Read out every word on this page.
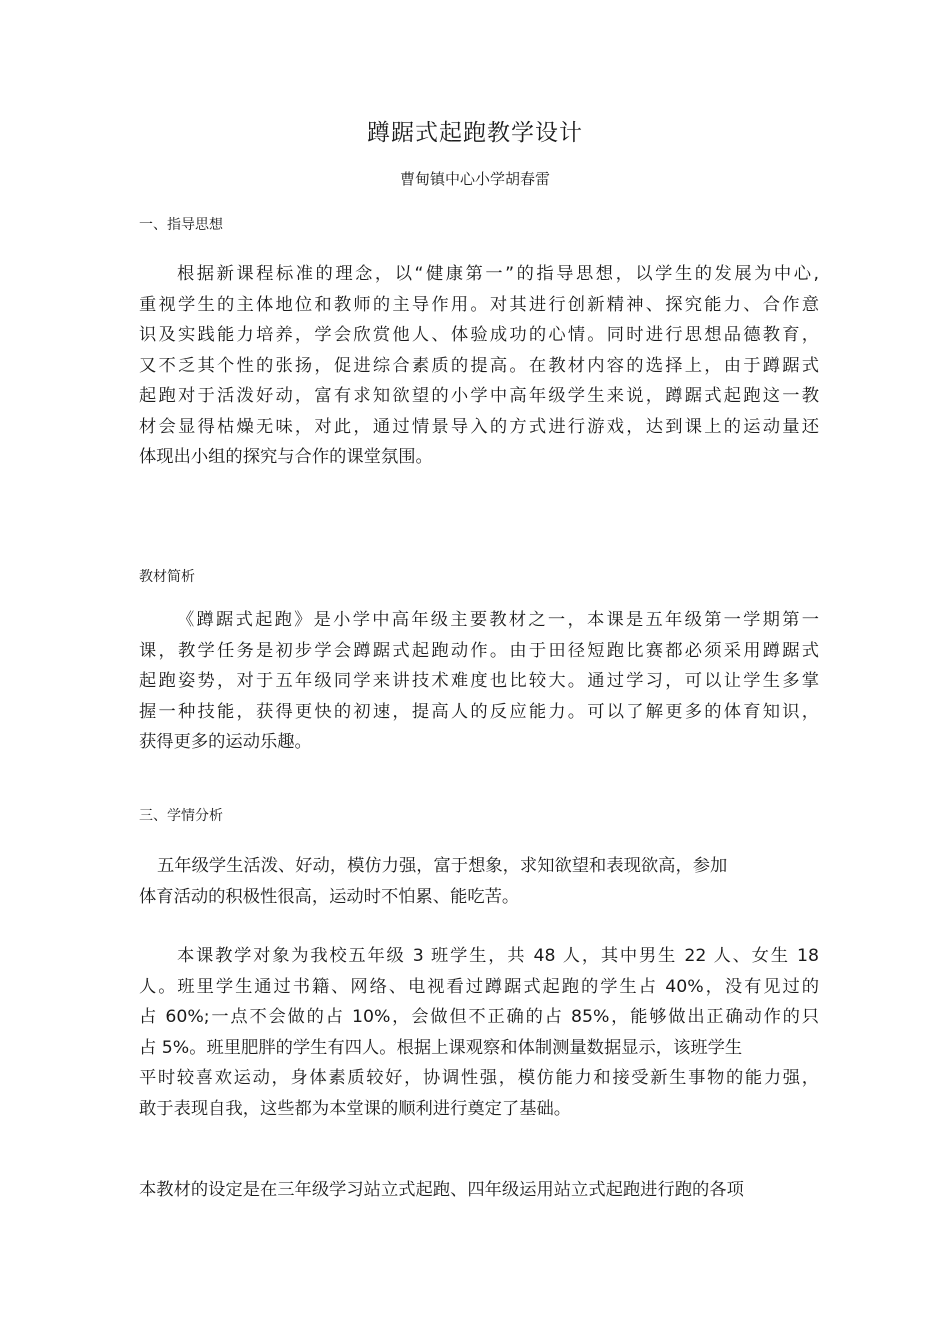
蹲踞式起跑教学设计
曹甸镇中心小学胡春雷
一、指导思想
根据新课程标准的理念，以“健康第一”的指导思想，以学生的发展为中心,
重视学生的主体地位和教师的主导作用。对其进行创新精神、探究能力、合作意
识及实践能力培养，学会欣赏他人、体验成功的心情。同时进行思想品德教育，
又不乏其个性的张扬，促进综合素质的提高。在教材内容的选择上，由于蹲踞式
起跑对于活泼好动，富有求知欲望的小学中高年级学生来说，蹲踞式起跑这一教
材会显得枯燥无味，对此，通过情景导入的方式进行游戏，达到课上的运动量还
体现出小组的探究与合作的课堂氛围。
教材简析
《蹲踞式起跑》是小学中高年级主要教材之一，本课是五年级第一学期第一
课，教学任务是初步学会蹲踞式起跑动作。由于田径短跑比赛都必须采用蹲踞式
起跑姿势，对于五年级同学来讲技术难度也比较大。通过学习，可以让学生多掌
握一种技能，获得更快的初速，提高人的反应能力。可以了解更多的体育知识，
获得更多的运动乐趣。
三、学情分析
五年级学生活泼、好动，模仿力强，富于想象，求知欲望和表现欲高，参加
体育活动的积极性很高，运动时不怕累、能吃苦。
本课教学对象为我校五年级 3 班学生，共 48 人，其中男生 22 人、女生 18
人。班里学生通过书籍、网络、电视看过蹲踞式起跑的学生占 40%，没有见过的
占 60%;一点不会做的占 10%，会做但不正确的占 85%，能够做出正确动作的只
占 5%。班里肥胖的学生有四人。根据上课观察和体制测量数据显示，该班学生
平时较喜欢运动，身体素质较好，协调性强，模仿能力和接受新生事物的能力强，
敢于表现自我，这些都为本堂课的顺利进行奠定了基础。
本教材的设定是在三年级学习站立式起跑、四年级运用站立式起跑进行跑的各项
